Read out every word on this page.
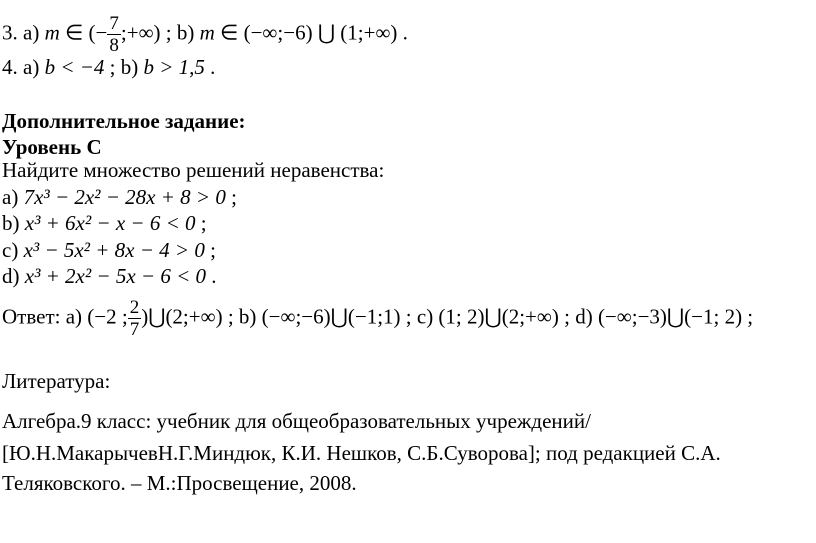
3. a) m ∈ (− $\frac{7}{8}$ ;+∞) ; b) m ∈ (−∞;−6) ⋃ (1;+∞) .
4. a) b < −4 ; b) b > 1,5 .
Дополнительное задание:
Уровень С
Найдите множество решений неравенства:
a) 7x³ − 2x² − 28x + 8 > 0 ;
b) x³ + 6x² − x − 6 < 0 ;
c) x³ − 5x² + 8x − 4 > 0 ;
d) x³ + 2x² − 5x − 6 < 0 .
Ответ: а) (−2 ; $\frac{2}{7}$ )⋃(2;+∞) ; b) (−∞;−6)⋃(−1;1) ; c) (1; 2)⋃(2;+∞) ; d) (−∞;−3)⋃(−1; 2) ;
Литература:
Алгебра.9 класс: учебник для общеобразовательных учреждений/
[Ю.Н.МакарычевН.Г.Миндюк, К.И. Нешков, С.Б.Суворова]; под редакцией С.А.
Теляковского. – М.:Просвещение, 2008.
